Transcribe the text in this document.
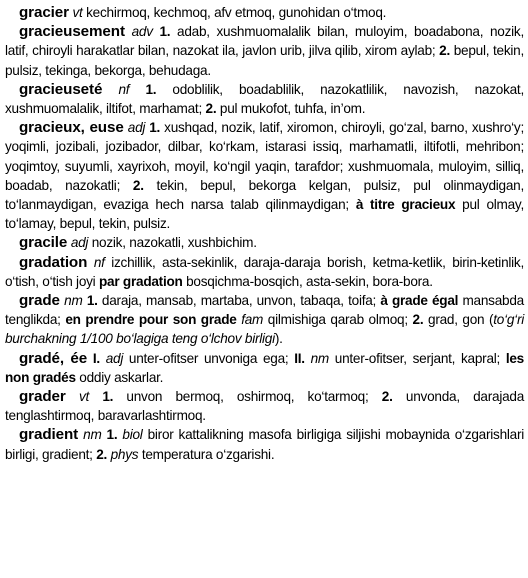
gracier vt kechirmoq, kechmoq, afv etmoq, gunohidan o‘tmoq.

gracieusement adv 1. adab, xushmuomalalik bilan, muloyim, boadabona, nozik, latif, chiroyli harakatlar bilan, nazokat ila, javlon urib, jilva qilib, xirom aylab; 2. bepul, tekin, pulsiz, tekinga, bekorga, behudaga.

gracieuseté nf 1. odoblilik, boadablilik, nazokatlilik, navozish, nazokat, xushmuomalalik, iltifot, marhamat; 2. pul mukofot, tuhfa, in’om.

gracieux, euse adj 1. xushqad, nozik, latif, xiromon, chiroyli, go‘zal, barno, xushro‘y; yoqimli, jozibali, jozibador, dilbar, ko‘rkam, istarasi issiq, marhamatli, iltifotli, mehribon; yoqimtoy, suyumli, xayrixoh, moyil, ko‘ngil yaqin, tarafdor; xushmuomala, muloyim, silliq, boadab, nazokatli; 2. tekin, bepul, bekorga kelgan, pulsiz, pul olinmaydigan, to‘lanmaydigan, evaziga hech narsa talab qilinmaydigan; à titre gracieux pul olmay, to‘lamay, bepul, tekin, pulsiz.

gracile adj nozik, nazokatli, xushbichim.

gradation nf izchillik, asta-sekinlik, daraja-daraja borish, ketma-ketlik, birin-ketinlik, o‘tish, o‘tish joyi par gradation bosqichma-bosqich, asta-sekin, bora-bora.

grade nm 1. daraja, mansab, martaba, unvon, tabaqa, toifa; à grade égal mansabda tenglikda; en prendre pour son grade fam qilmishiga qarab olmoq; 2. grad, gon (to‘g‘ri burchakning 1/100 bo‘lagiga teng o‘lchov birligi).

gradé, ée I. adj unter-ofitser unvoniga ega; II. nm unter-ofitser, serjant, kapral; les non gradés oddiy askarlar.

grader vt 1. unvon bermoq, oshirmoq, ko‘tarmoq; 2. unvonda, darajada tenglashtirmoq, baravarlashtirmoq.

gradient nm 1. biol biror kattalikning masofa birligiga siljishi mobaynida o‘zgarishlari birligi, gradient; 2. phys temperatura o‘zgarishi.
